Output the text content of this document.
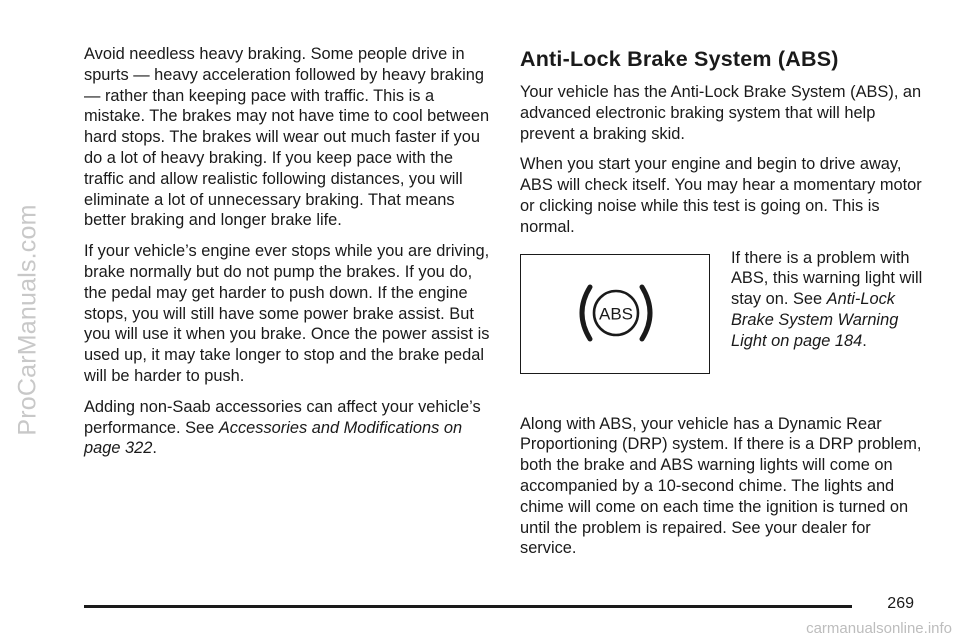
ProCarManuals.com

Avoid needless heavy braking. Some people drive in spurts — heavy acceleration followed by heavy braking — rather than keeping pace with traffic. This is a mistake. The brakes may not have time to cool between hard stops. The brakes will wear out much faster if you do a lot of heavy braking. If you keep pace with the traffic and allow realistic following distances, you will eliminate a lot of unnecessary braking. That means better braking and longer brake life.

If your vehicle’s engine ever stops while you are driving, brake normally but do not pump the brakes. If you do, the pedal may get harder to push down. If the engine stops, you will still have some power brake assist. But you will use it when you brake. Once the power assist is used up, it may take longer to stop and the brake pedal will be harder to push.

Adding non-Saab accessories can affect your vehicle’s performance. See Accessories and Modifications on page 322.

Anti-Lock Brake System (ABS)

Your vehicle has the Anti-Lock Brake System (ABS), an advanced electronic braking system that will help prevent a braking skid.

When you start your engine and begin to drive away, ABS will check itself. You may hear a momentary motor or clicking noise while this test is going on. This is normal.

ABS
If there is a problem with ABS, this warning light will stay on. See Anti-Lock Brake System Warning Light on page 184.

Along with ABS, your vehicle has a Dynamic Rear Proportioning (DRP) system. If there is a DRP problem, both the brake and ABS warning lights will come on accompanied by a 10-second chime. The lights and chime will come on each time the ignition is turned on until the problem is repaired. See your dealer for service.

269
carmanualsonline.info
